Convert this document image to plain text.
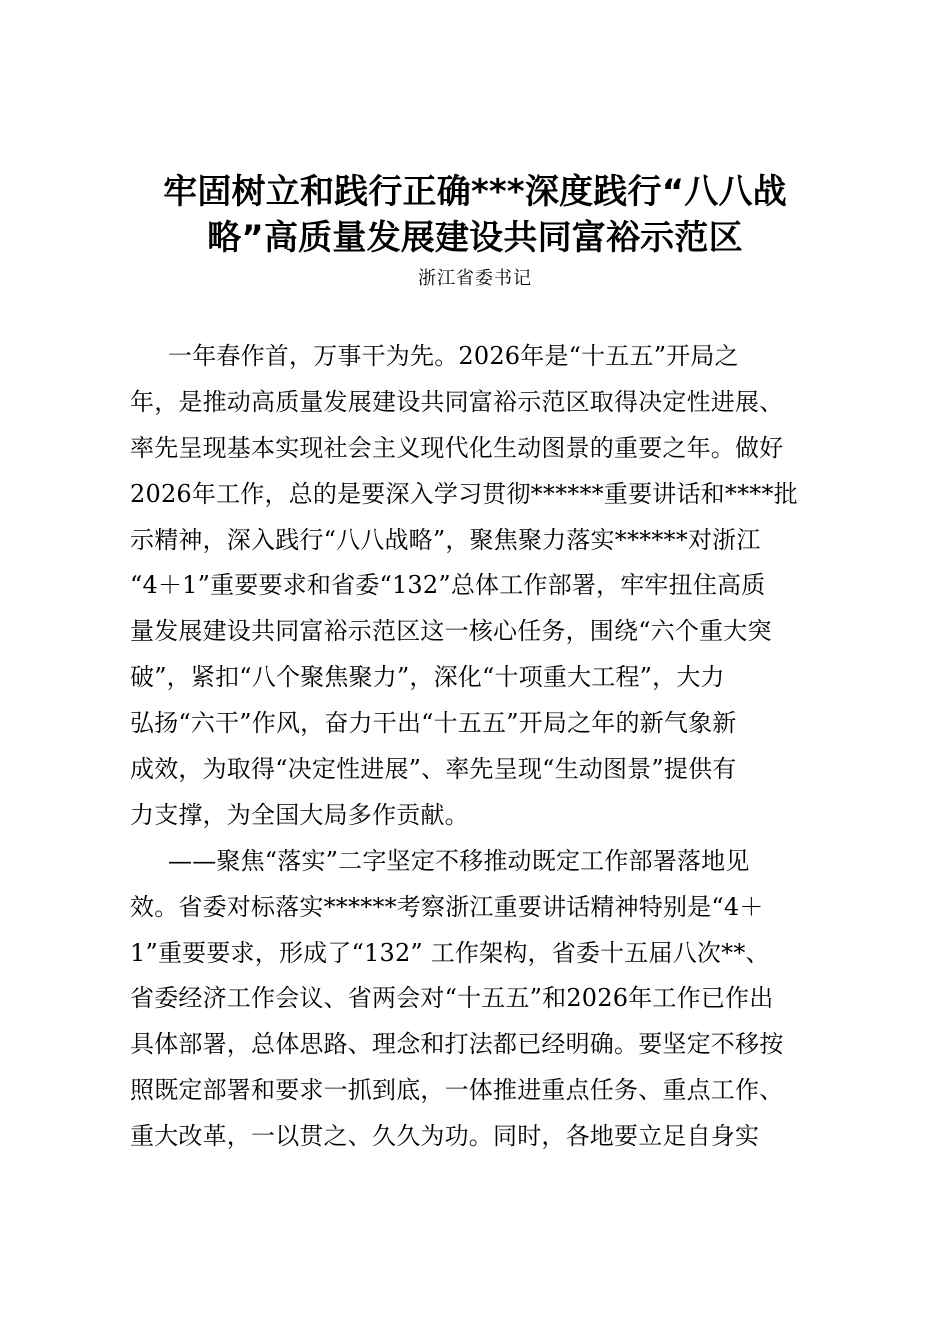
牢固树立和践行正确***深度践行“八八战
略”高质量发展建设共同富裕示范区
浙江省委书记
一年春作首，万事干为先。2026年是“十五五”开局之
年，是推动高质量发展建设共同富裕示范区取得决定性进展、
率先呈现基本实现社会主义现代化生动图景的重要之年。做好
2026年工作，总的是要深入学习贯彻******重要讲话和****批
示精神，深入践行“八八战略”，聚焦聚力落实******对浙江
“4＋1”重要要求和省委“132”总体工作部署，牢牢扭住高质
量发展建设共同富裕示范区这一核心任务，围绕“六个重大突
破”，紧扣“八个聚焦聚力”，深化“十项重大工程”，大力
弘扬“六干”作风，奋力干出“十五五”开局之年的新气象新
成效，为取得“决定性进展”、率先呈现“生动图景”提供有
力支撑，为全国大局多作贡献。
——聚焦“落实”二字坚定不移推动既定工作部署落地见
效。省委对标落实******考察浙江重要讲话精神特别是“4＋
1”重要要求，形成了“132” 工作架构，省委十五届八次**、
省委经济工作会议、省两会对“十五五”和2026年工作已作出
具体部署，总体思路、理念和打法都已经明确。要坚定不移按
照既定部署和要求一抓到底，一体推进重点任务、重点工作、
重大改革，一以贯之、久久为功。同时，各地要立足自身实
